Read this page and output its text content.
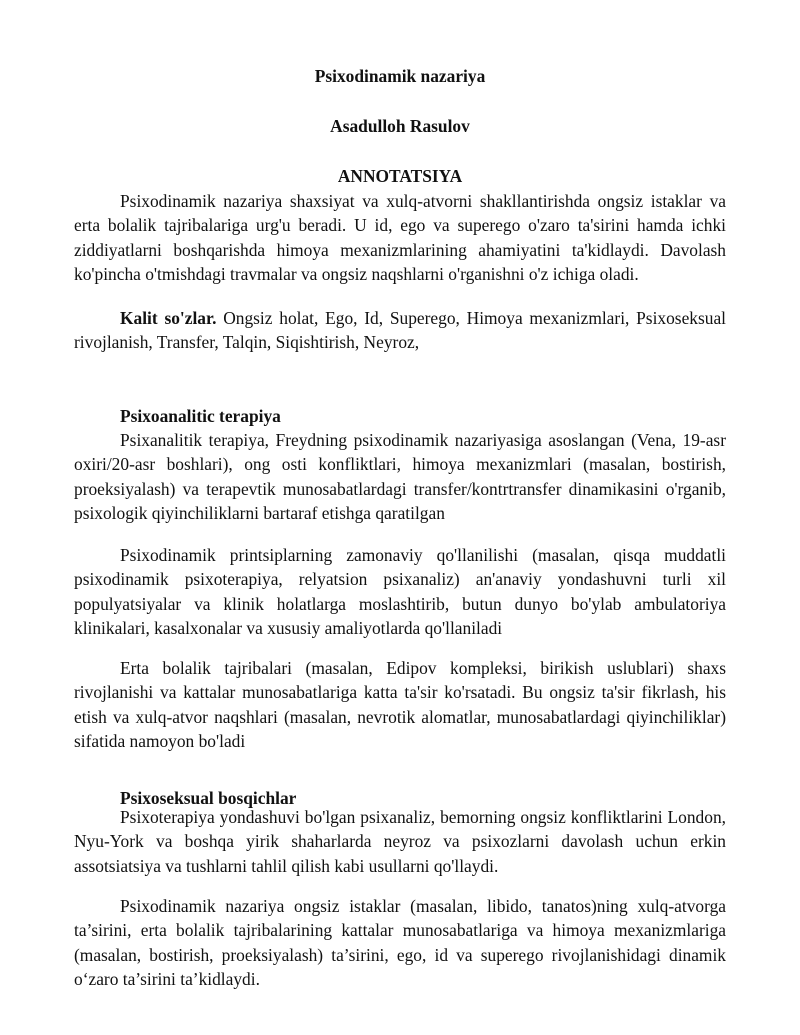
Psixodinamik nazariya
Asadulloh Rasulov
ANNOTATSIYA
Psixodinamik nazariya shaxsiyat va xulq-atvorni shakllantirishda ongsiz istaklar va erta bolalik tajribalariga urg'u beradi. U id, ego va superego o'zaro ta'sirini hamda ichki ziddiyatlarni boshqarishda himoya mexanizmlarining ahamiyatini ta'kidlaydi. Davolash ko'pincha o'tmishdagi travmalar va ongsiz naqshlarni o'rganishni o'z ichiga oladi.
Kalit so'zlar. Ongsiz holat, Ego, Id, Superego, Himoya mexanizmlari, Psixoseksual rivojlanish, Transfer, Talqin, Siqishtirish, Neyroz,
Psixoanalitic terapiya
Psixanalitik terapiya, Freydning psixodinamik nazariyasiga asoslangan (Vena, 19-asr oxiri/20-asr boshlari), ong osti konfliktlari, himoya mexanizmlari (masalan, bostirish, proeksiyalash) va terapevtik munosabatlardagi transfer/kontrtransfer dinamikasini o'rganib, psixologik qiyinchiliklarni bartaraf etishga qaratilgan
Psixodinamik printsiplarning zamonaviy qo'llanilishi (masalan, qisqa muddatli psixodinamik psixoterapiya, relyatsion psixanaliz) an'anaviy yondashuvni turli xil populyatsiyalar va klinik holatlarga moslashtirib, butun dunyo bo'ylab ambulatoriya klinikalari, kasalxonalar va xususiy amaliyotlarda qo'llaniladi
Erta bolalik tajribalari (masalan, Edipov kompleksi, birikish uslublari) shaxs rivojlanishi va kattalar munosabatlariga katta ta'sir ko'rsatadi. Bu ongsiz ta'sir fikrlash, his etish va xulq-atvor naqshlari (masalan, nevrotik alomatlar, munosabatlardagi qiyinchiliklar) sifatida namoyon bo'ladi
Psixoseksual bosqichlar
Psixoterapiya yondashuvi bo'lgan psixanaliz, bemorning ongsiz konfliktlarini London, Nyu-York va boshqa yirik shaharlarda neyroz va psixozlarni davolash uchun erkin assotsiatsiya va tushlarni tahlil qilish kabi usullarni qo'llaydi.
Psixodinamik nazariya ongsiz istaklar (masalan, libido, tanatos)ning xulq-atvorga ta’sirini, erta bolalik tajribalarining kattalar munosabatlariga va himoya mexanizmlariga (masalan, bostirish, proeksiyalash) ta’sirini, ego, id va superego rivojlanishidagi dinamik o‘zaro ta’sirini ta’kidlaydi.
